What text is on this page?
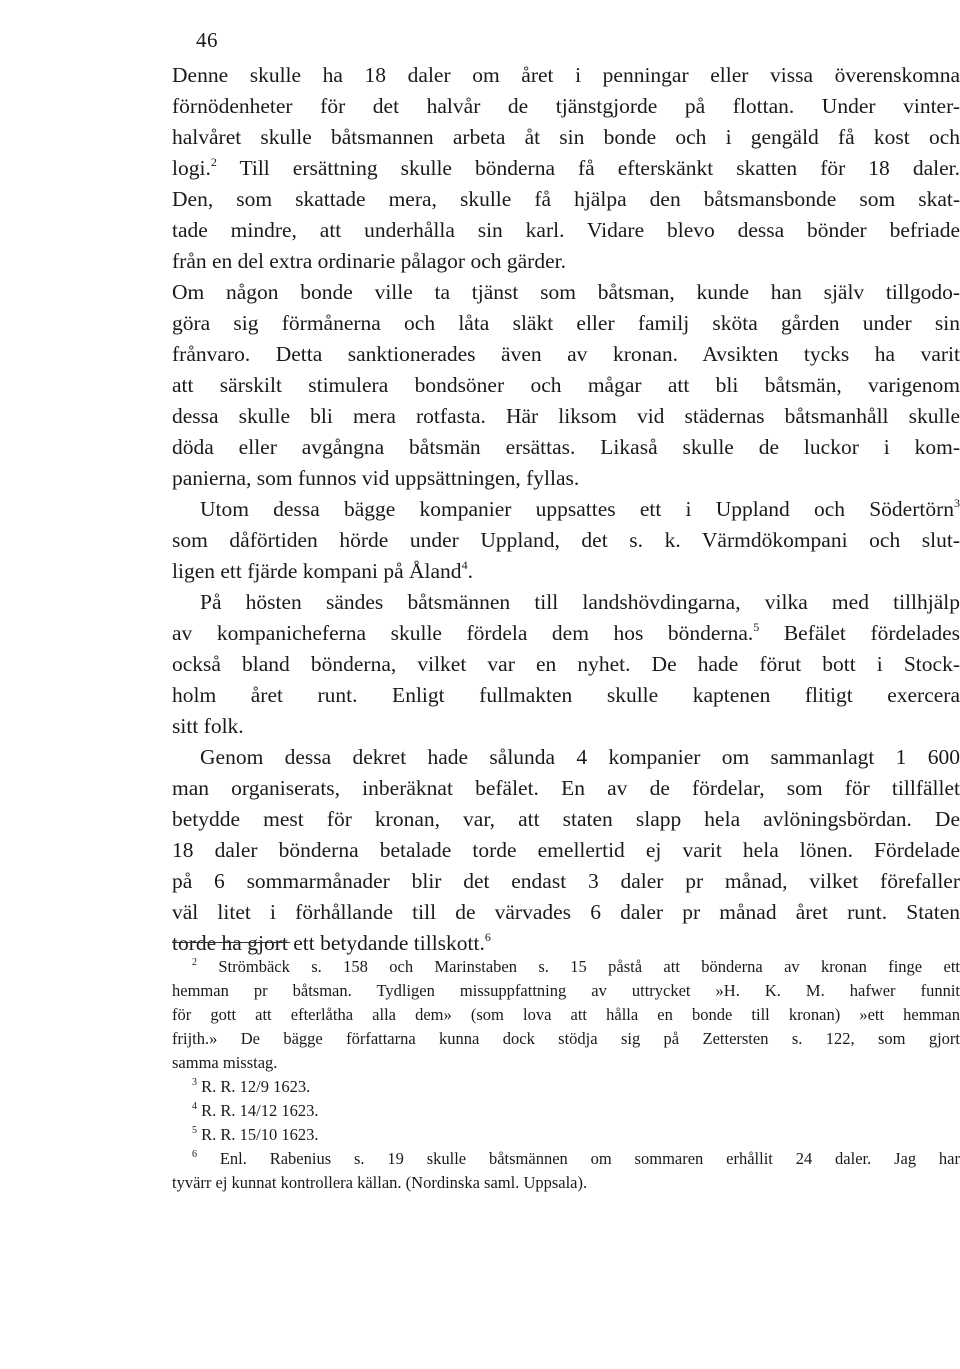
46
Denne skulle ha 18 daler om året i penningar eller vissa överenskomna
förnödenheter för det halvår de tjänstgjorde på flottan. Under vinter-
halvåret skulle båtsmannen arbeta åt sin bonde och i gengäld få kost och
logi.$^2$ Till ersättning skulle bönderna få efterskänkt skatten för 18 daler.
Den, som skattade mera, skulle få hjälpa den båtsmansbonde som skat-
tade mindre, att underhålla sin karl. Vidare blevo dessa bönder befriade
från en del extra ordinarie pålagor och gärder.
Om någon bonde ville ta tjänst som båtsman, kunde han själv tillgodo-
göra sig förmånerna och låta släkt eller familj sköta gården under sin
frånvaro. Detta sanktionerades även av kronan. Avsikten tycks ha varit
att särskilt stimulera bondsöner och mågar att bli båtsmän, varigenom
dessa skulle bli mera rotfasta. Här liksom vid städernas båtsmanhåll skulle
döda eller avgångna båtsmän ersättas. Likaså skulle de luckor i kom-
panierna, som funnos vid uppsättningen, fyllas.
Utom dessa bägge kompanier uppsattes ett i Uppland och Södertörn$^3$
som dåförtiden hörde under Uppland, det s. k. Värmdökompani och slut-
ligen ett fjärde kompani på Åland$^4$.
På hösten sändes båtsmännen till landshövdingarna, vilka med tillhjälp
av kompanicheferna skulle fördela dem hos bönderna.$^5$ Befälet fördelades
också bland bönderna, vilket var en nyhet. De hade förut bott i Stock-
holm året runt. Enligt fullmakten skulle kaptenen flitigt exercera
sitt folk.
Genom dessa dekret hade sålunda 4 kompanier om sammanlagt 1 600
man organiserats, inberäknat befälet. En av de fördelar, som för tillfället
betydde mest för kronan, var, att staten slapp hela avlöningsbördan. De
18 daler bönderna betalade torde emellertid ej varit hela lönen. Fördelade
på 6 sommarmånader blir det endast 3 daler pr månad, vilket förefaller
väl litet i förhållande till de värvades 6 daler pr månad året runt. Staten
torde ha gjort ett betydande tillskott.$^6$
$^2$ Strömbäck s. 158 och Marinstaben s. 15 påstå att bönderna av kronan finge ett
hemman pr båtsman. Tydligen missuppfattning av uttrycket »H. K. M. hafwer funnit
för gott att efterlåtha alla dem» (som lova att hålla en bonde till kronan) »ett hemman
frijth.» De bägge författarna kunna dock stödja sig på Zettersten s. 122, som gjort
samma misstag.
$^3$ R. R. 12/9 1623.
$^4$ R. R. 14/12 1623.
$^5$ R. R. 15/10 1623.
$^6$ Enl. Rabenius s. 19 skulle båtsmännen om sommaren erhållit 24 daler. Jag har
tyvärr ej kunnat kontrollera källan. (Nordinska saml. Uppsala).
